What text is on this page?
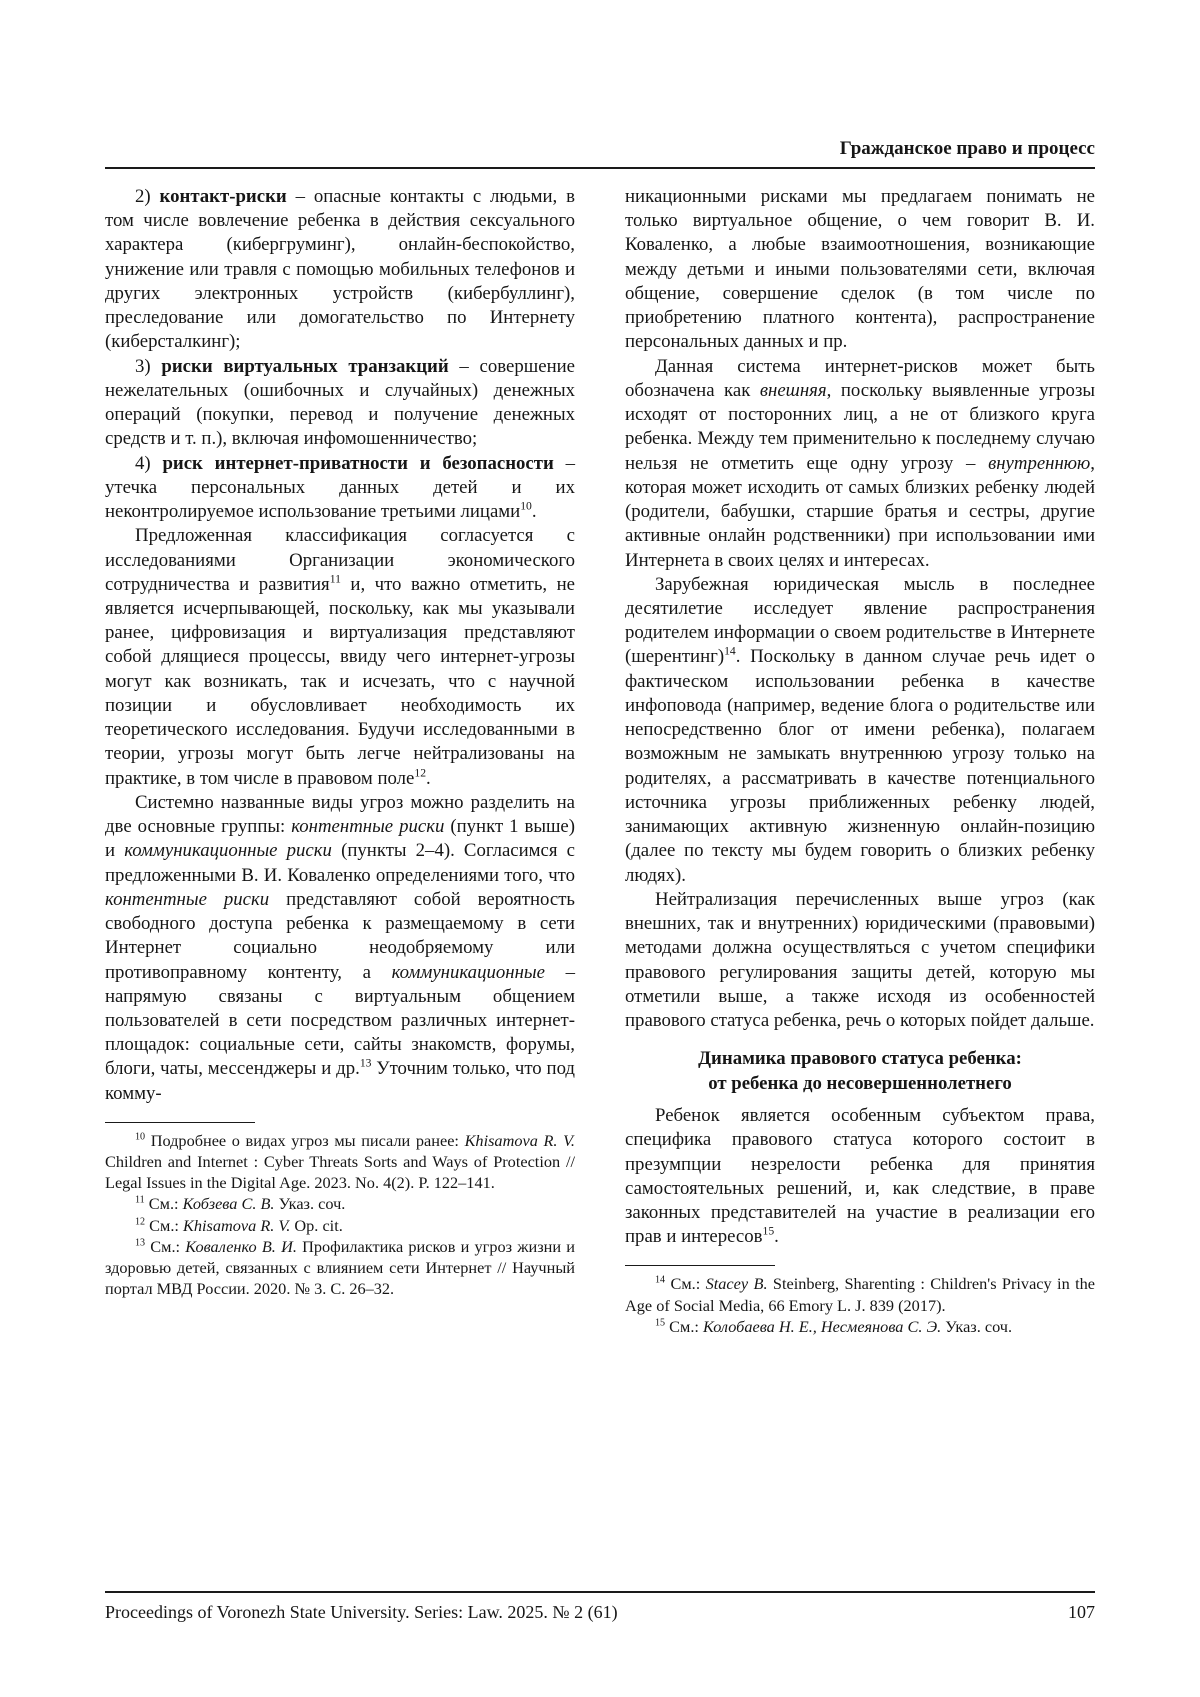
Гражданское право и процесс

2) контакт-риски – опасные контакты с людьми, в том числе вовлечение ребенка в действия сексуального характера (кибергруминг), онлайн-беспокойство, унижение или травля с помощью мобильных телефонов и других электронных устройств (кибербуллинг), преследование или домогательство по Интернету (киберсталкинг);

3) риски виртуальных транзакций – совершение нежелательных (ошибочных и случайных) денежных операций (покупки, перевод и получение денежных средств и т. п.), включая инфомошенничество;

4) риск интернет-приватности и безопасности – утечка персональных данных детей и их неконтролируемое использование третьими лицами$^{10}$.

Предложенная классификация согласуется с исследованиями Организации экономического сотрудничества и развития$^{11}$ и, что важно отметить, не является исчерпывающей, поскольку, как мы указывали ранее, цифровизация и виртуализация представляют собой длящиеся процессы, ввиду чего интернет-угрозы могут как возникать, так и исчезать, что с научной позиции и обусловливает необходимость их теоретического исследования. Будучи исследованными в теории, угрозы могут быть легче нейтрализованы на практике, в том числе в правовом поле$^{12}$.

Системно названные виды угроз можно разделить на две основные группы: контентные риски (пункт 1 выше) и коммуникационные риски (пункты 2–4). Согласимся с предложенными В. И. Коваленко определениями того, что контентные риски представляют собой вероятность свободного доступа ребенка к размещаемому в сети Интернет социально неодобряемому или противоправному контенту, а коммуникационные – напрямую связаны с виртуальным общением пользователей в сети посредством различных интернет-площадок: социальные сети, сайты знакомств, форумы, блоги, чаты, мессенджеры и др.$^{13}$ Уточним только, что под комму-

$^{10}$ Подробнее о видах угроз мы писали ранее: Khisamova R. V. Children and Internet : Cyber Threats Sorts and Ways of Protection // Legal Issues in the Digital Age. 2023. No. 4(2). P. 122–141.

$^{11}$ См.: Кобзева С. В. Указ. соч.

$^{12}$ См.: Khisamova R. V. Op. cit.

$^{13}$ См.: Коваленко В. И. Профилактика рисков и угроз жизни и здоровью детей, связанных с влиянием сети Интернет // Научный портал МВД России. 2020. № 3. С. 26–32.

никационными рисками мы предлагаем понимать не только виртуальное общение, о чем говорит В. И. Коваленко, а любые взаимоотношения, возникающие между детьми и иными пользователями сети, включая общение, совершение сделок (в том числе по приобретению платного контента), распространение персональных данных и пр.

Данная система интернет-рисков может быть обозначена как внешняя, поскольку выявленные угрозы исходят от посторонних лиц, а не от близкого круга ребенка. Между тем применительно к последнему случаю нельзя не отметить еще одну угрозу – внутреннюю, которая может исходить от самых близких ребенку людей (родители, бабушки, старшие братья и сестры, другие активные онлайн родственники) при использовании ими Интернета в своих целях и интересах.

Зарубежная юридическая мысль в последнее десятилетие исследует явление распространения родителем информации о своем родительстве в Интернете (шерентинг)$^{14}$. Поскольку в данном случае речь идет о фактическом использовании ребенка в качестве инфоповода (например, ведение блога о родительстве или непосредственно блог от имени ребенка), полагаем возможным не замыкать внутреннюю угрозу только на родителях, а рассматривать в качестве потенциального источника угрозы приближенных ребенку людей, занимающих активную жизненную онлайн-позицию (далее по тексту мы будем говорить о близких ребенку людях).

Нейтрализация перечисленных выше угроз (как внешних, так и внутренних) юридическими (правовыми) методами должна осуществляться с учетом специфики правового регулирования защиты детей, которую мы отметили выше, а также исходя из особенностей правового статуса ребенка, речь о которых пойдет дальше.

Динамика правового статуса ребенка:
от ребенка до несовершеннолетнего

Ребенок является особенным субъектом права, специфика правового статуса которого состоит в презумпции незрелости ребенка для принятия самостоятельных решений, и, как следствие, в праве законных представителей на участие в реализации его прав и интересов$^{15}$.

$^{14}$ См.: Stacey B. Steinberg, Sharenting : Children's Privacy in the Age of Social Media, 66 Emory L. J. 839 (2017).

$^{15}$ См.: Колобаева Н. Е., Несмеянова С. Э. Указ. соч.

Proceedings of Voronezh State University. Series: Law. 2025. № 2 (61)	107
